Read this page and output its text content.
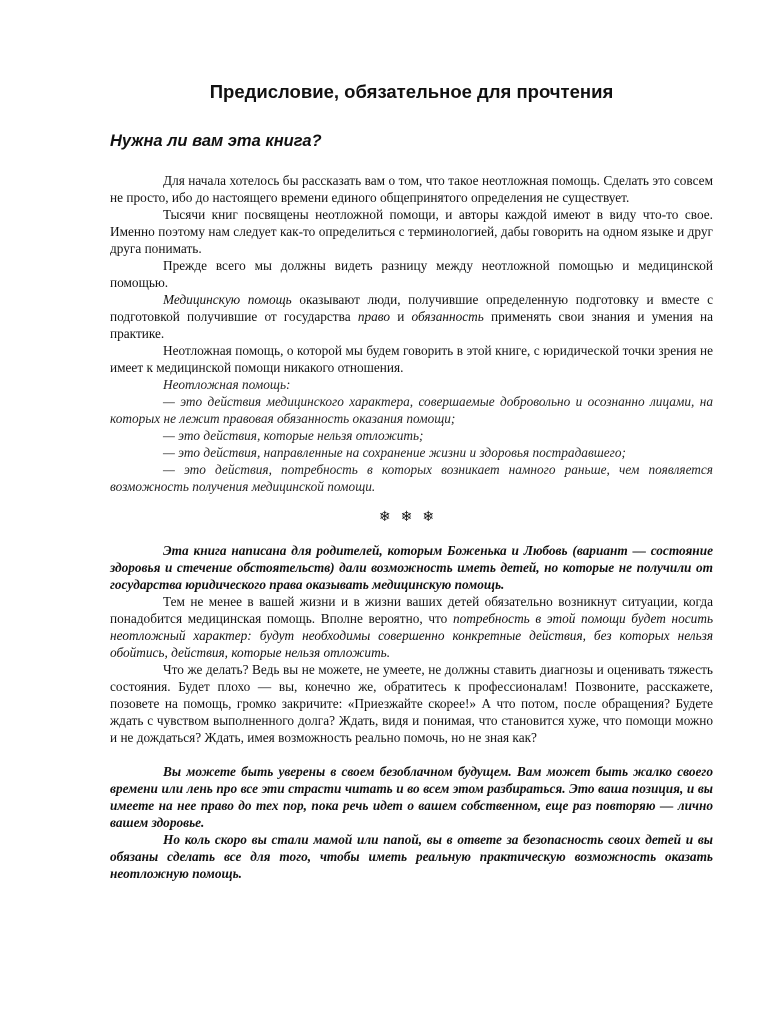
Предисловие, обязательное для прочтения
Нужна ли вам эта книга?

Для начала хотелось бы рассказать вам о том, что такое неотложная помощь. Сделать это совсем не просто, ибо до настоящего времени единого общепринятого определения не существует.

Тысячи книг посвящены неотложной помощи, и авторы каждой имеют в виду что-то свое. Именно поэтому нам следует как-то определиться с терминологией, дабы говорить на одном языке и друг друга понимать.

Прежде всего мы должны видеть разницу между неотложной помощью и медицинской помощью.

Медицинскую помощь оказывают люди, получившие определенную подготовку и вместе с подготовкой получившие от государства право и обязанность применять свои знания и умения на практике.

Неотложная помощь, о которой мы будем говорить в этой книге, с юридической точки зрения не имеет к медицинской помощи никакого отношения.

Неотложная помощь:

— это действия медицинского характера, совершаемые добровольно и осознанно лицами, на которых не лежит правовая обязанность оказания помощи;

— это действия, которые нельзя отложить;

— это действия, направленные на сохранение жизни и здоровья пострадавшего;

— это действия, потребность в которых возникает намного раньше, чем появляется возможность получения медицинской помощи.

❄❄❄

Эта книга написана для родителей, которым Боженька и Любовь (вариант — состояние здоровья и стечение обстоятельств) дали возможность иметь детей, но которые не получили от государства юридического права оказывать медицинскую помощь.

Тем не менее в вашей жизни и в жизни ваших детей обязательно возникнут ситуации, когда понадобится медицинская помощь. Вполне вероятно, что потребность в этой помощи будет носить неотложный характер: будут необходимы совершенно конкретные действия, без которых нельзя обойтись, действия, которые нельзя отложить.

Что же делать? Ведь вы не можете, не умеете, не должны ставить диагнозы и оценивать тяжесть состояния. Будет плохо — вы, конечно же, обратитесь к профессионалам! Позвоните, расскажете, позовете на помощь, громко закричите: «Приезжайте скорее!» А что потом, после обращения? Будете ждать с чувством выполненного долга? Ждать, видя и понимая, что становится хуже, что помощи можно и не дождаться? Ждать, имея возможность реально помочь, но не зная как?

Вы можете быть уверены в своем безоблачном будущем. Вам может быть жалко своего времени или лень про все эти страсти читать и во всем этом разбираться. Это ваша позиция, и вы имеете на нее право до тех пор, пока речь идет о вашем собственном, еще раз повторяю — лично вашем здоровье.

Но коль скоро вы стали мамой или папой, вы в ответе за безопасность своих детей и вы обязаны сделать все для того, чтобы иметь реальную практическую возможность оказать неотложную помощь.
